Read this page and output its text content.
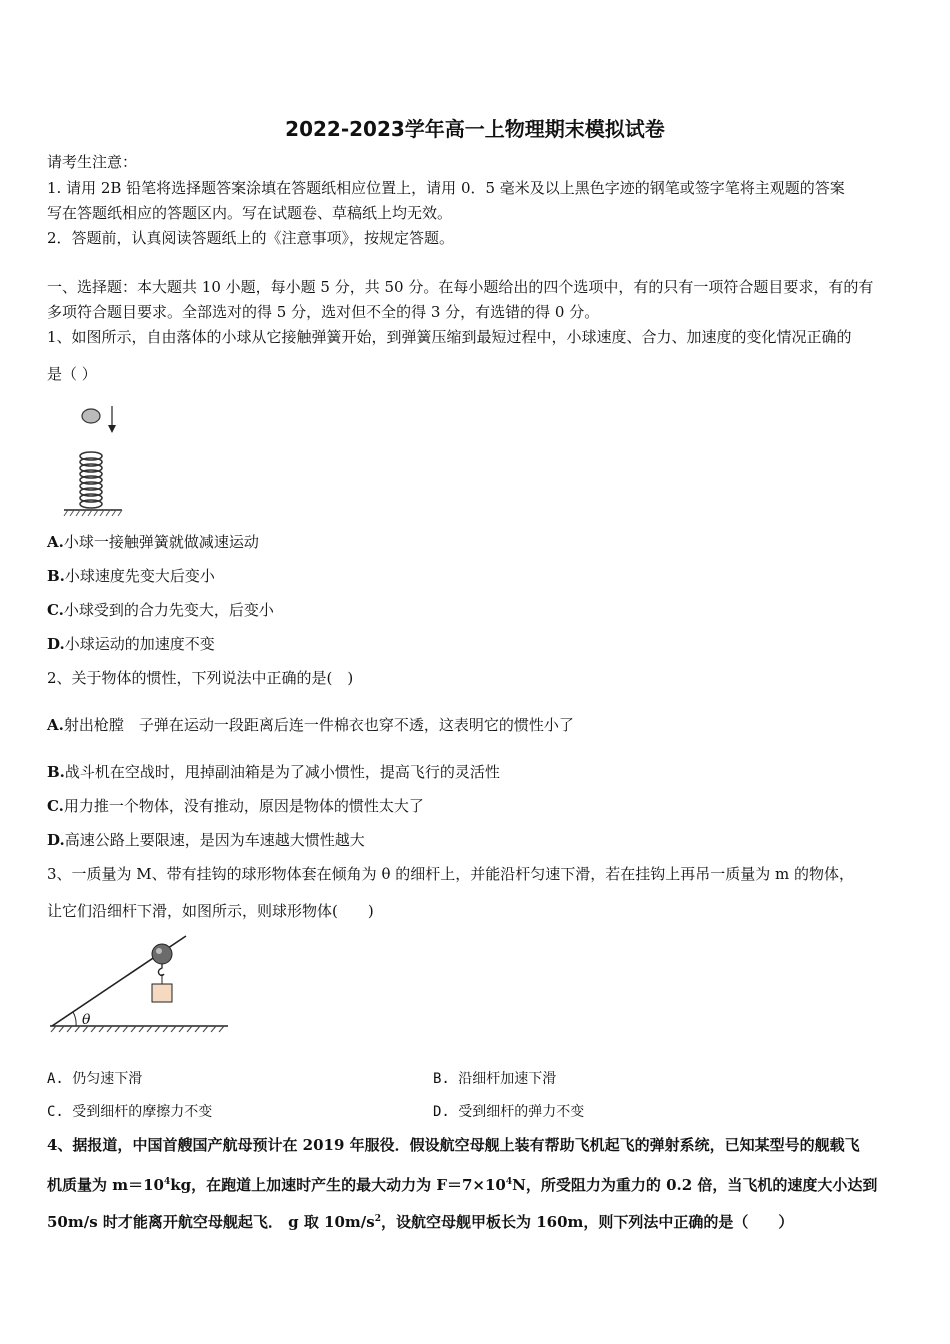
2022-2023学年高一上物理期末模拟试卷
请考生注意：
1. 请用 2B 铅笔将选择题答案涂填在答题纸相应位置上，请用 0．5 毫米及以上黑色字迹的钢笔或签字笔将主观题的答案
写在答题纸相应的答题区内。写在试题卷、草稿纸上均无效。
2．答题前，认真阅读答题纸上的《注意事项》，按规定答题。
一、选择题：本大题共 10 小题，每小题 5 分，共 50 分。在每小题给出的四个选项中，有的只有一项符合题目要求，有的有
多项符合题目要求。全部选对的得 5 分，选对但不全的得 3 分，有选错的得 0 分。
1、如图所示，自由落体的小球从它接触弹簧开始，到弹簧压缩到最短过程中，小球速度、合力、加速度的变化情况正确的
是（ ）
A.小球一接触弹簧就做减速运动
B.小球速度先变大后变小
C.小球受到的合力先变大，后变小
D.小球运动的加速度不变
2、关于物体的惯性，下列说法中正确的是(　)
A.射出枪膛　子弹在运动一段距离后连一件棉衣也穿不透，这表明它的惯性小了
B.战斗机在空战时，甩掉副油箱是为了减小惯性，提高飞行的灵活性
C.用力推一个物体，没有推动，原因是物体的惯性太大了
D.高速公路上要限速，是因为车速越大惯性越大
3、一质量为 M、带有挂钩的球形物体套在倾角为 θ 的细杆上，并能沿杆匀速下滑，若在挂钩上再吊一质量为 m 的物体，
让它们沿细杆下滑，如图所示，则球形物体(　　)
θ
A. 仍匀速下滑	B. 沿细杆加速下滑
C. 受到细杆的摩擦力不变	D. 受到细杆的弹力不变
4、据报道，中国首艘国产航母预计在 2019 年服役．假设航空母舰上装有帮助飞机起飞的弹射系统，已知某型号的舰载飞
机质量为 $m=10^4kg$，在跑道上加速时产生的最大动力为 $F=7\times 10^4N$，所受阻力为重力的 0.2 倍，当飞机的速度大小达到
50m/s 时才能离开航空母舰起飞． g 取 $10m/s^2$，设航空母舰甲板长为 160m，则下列法中正确的是（　　）
